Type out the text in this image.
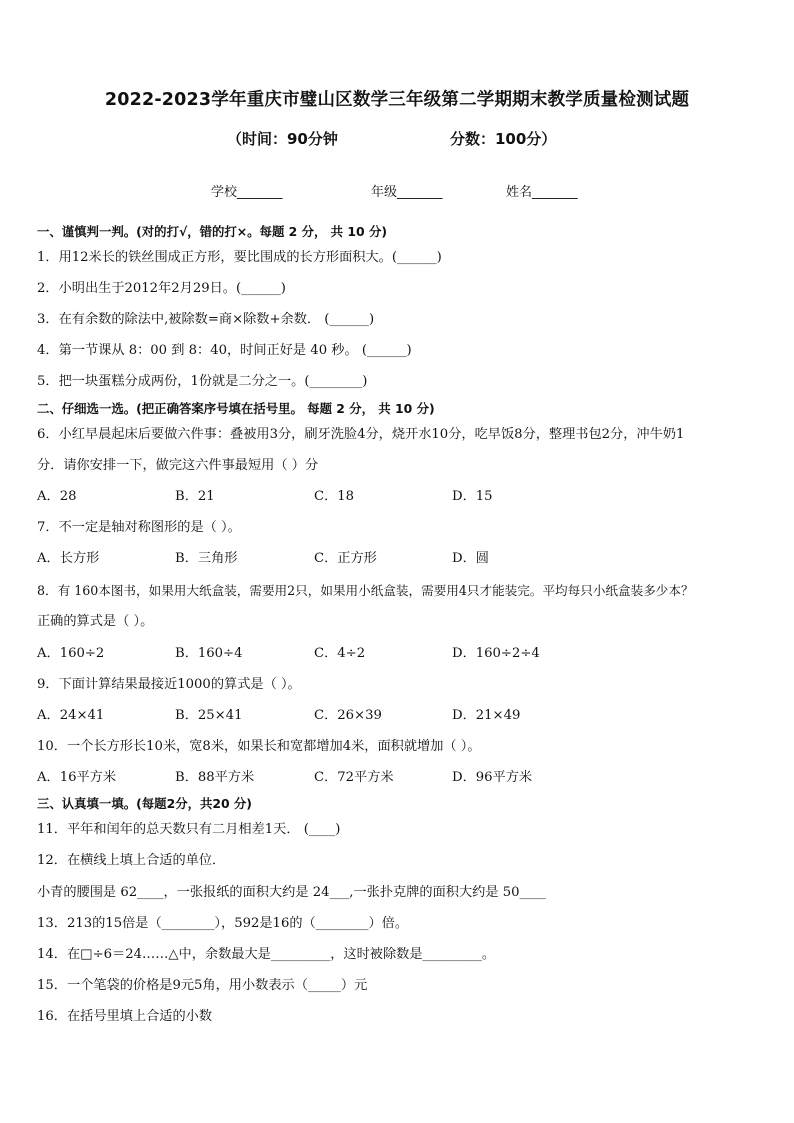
2022-2023学年重庆市璧山区数学三年级第二学期期末教学质量检测试题
（时间：90分钟	分数：100分）
学校_______	年级_______	姓名_______
一、谨慎判一判。(对的打√，错的打×。每题 2 分， 共 10 分)
1．用12米长的铁丝围成正方形，要比围成的长方形面积大。(______)
2．小明出生于2012年2月29日。(______)
3．在有余数的除法中,被除数=商×除数+余数． (______)
4．第一节课从 8：00 到 8：40，时间正好是 40 秒。 (______)
5．把一块蛋糕分成两份，1份就是二分之一。(________)
二、仔细选一选。(把正确答案序号填在括号里。 每题 2 分， 共 10 分)
6．小红早晨起床后要做六件事：叠被用3分，刷牙洗脸4分，烧开水10分，吃早饭8分，整理书包2分，冲牛奶1
分．请你安排一下，做完这六件事最短用（ ）分
A．28	B．21	C．18	D．15
7．不一定是轴对称图形的是（ ）。
A．长方形	B．三角形	C．正方形	D．圆
8．有 160本图书，如果用大纸盒装，需要用2只，如果用小纸盒装，需要用4只才能装完。平均每只小纸盒装多少本？
正确的算式是（ ）。
A．160÷2	B．160÷4	C．4÷2	D．160÷2÷4
9．下面计算结果最接近1000的算式是（ ）。
A．24×41	B．25×41	C．26×39	D．21×49
10．一个长方形长10米，宽8米，如果长和宽都增加4米，面积就增加（ ）。
A．16平方米	B．88平方米	C．72平方米	D．96平方米
三、认真填一填。(每题2分，共20 分)
11．平年和闰年的总天数只有二月相差1天． (____)
12．在横线上填上合适的单位．
小青的腰围是 62____，一张报纸的面积大约是 24___,一张扑克牌的面积大约是 50____
13．213的15倍是（________），592是16的（________）倍。
14．在□÷6＝24……△中，余数最大是_________，这时被除数是_________。
15．一个笔袋的价格是9元5角，用小数表示（_____）元
16．在括号里填上合适的小数
